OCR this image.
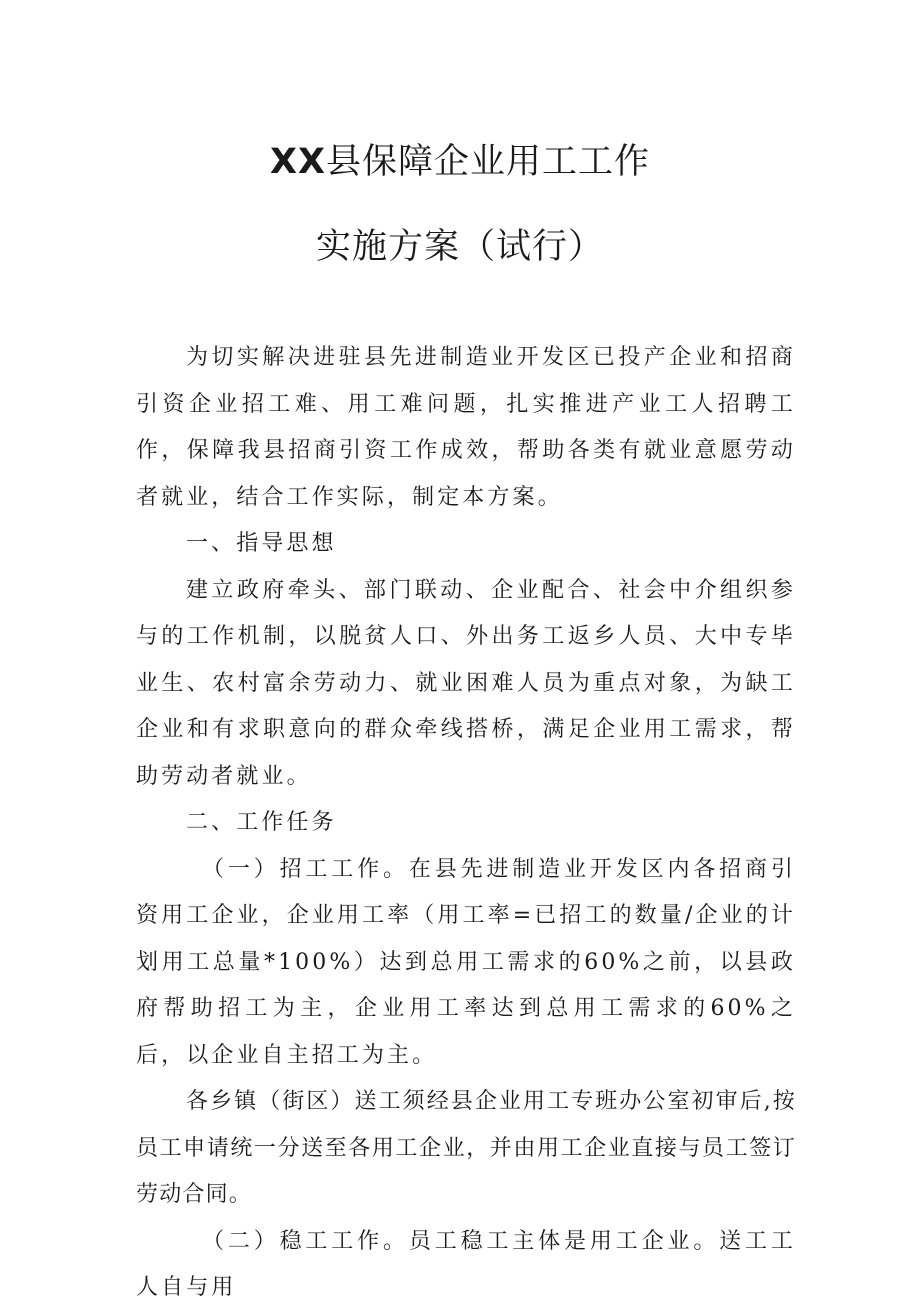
XX县保障企业用工工作
实施方案（试行）

为切实解决进驻县先进制造业开发区已投产企业和招商引资企业招工难、用工难问题，扎实推进产业工人招聘工作，保障我县招商引资工作成效，帮助各类有就业意愿劳动者就业，结合工作实际，制定本方案。

一、指导思想

建立政府牵头、部门联动、企业配合、社会中介组织参与的工作机制，以脱贫人口、外出务工返乡人员、大中专毕业生、农村富余劳动力、就业困难人员为重点对象，为缺工企业和有求职意向的群众牵线搭桥，满足企业用工需求，帮助劳动者就业。

二、工作任务

（一）招工工作。在县先进制造业开发区内各招商引资用工企业，企业用工率（用工率=已招工的数量/企业的计划用工总量*100%）达到总用工需求的60%之前，以县政府帮助招工为主，企业用工率达到总用工需求的60%之后，以企业自主招工为主。

各乡镇（街区）送工须经县企业用工专班办公室初审后,按员工申请统一分送至各用工企业，并由用工企业直接与员工签订劳动合同。

（二）稳工工作。员工稳工主体是用工企业。送工工人自与用
